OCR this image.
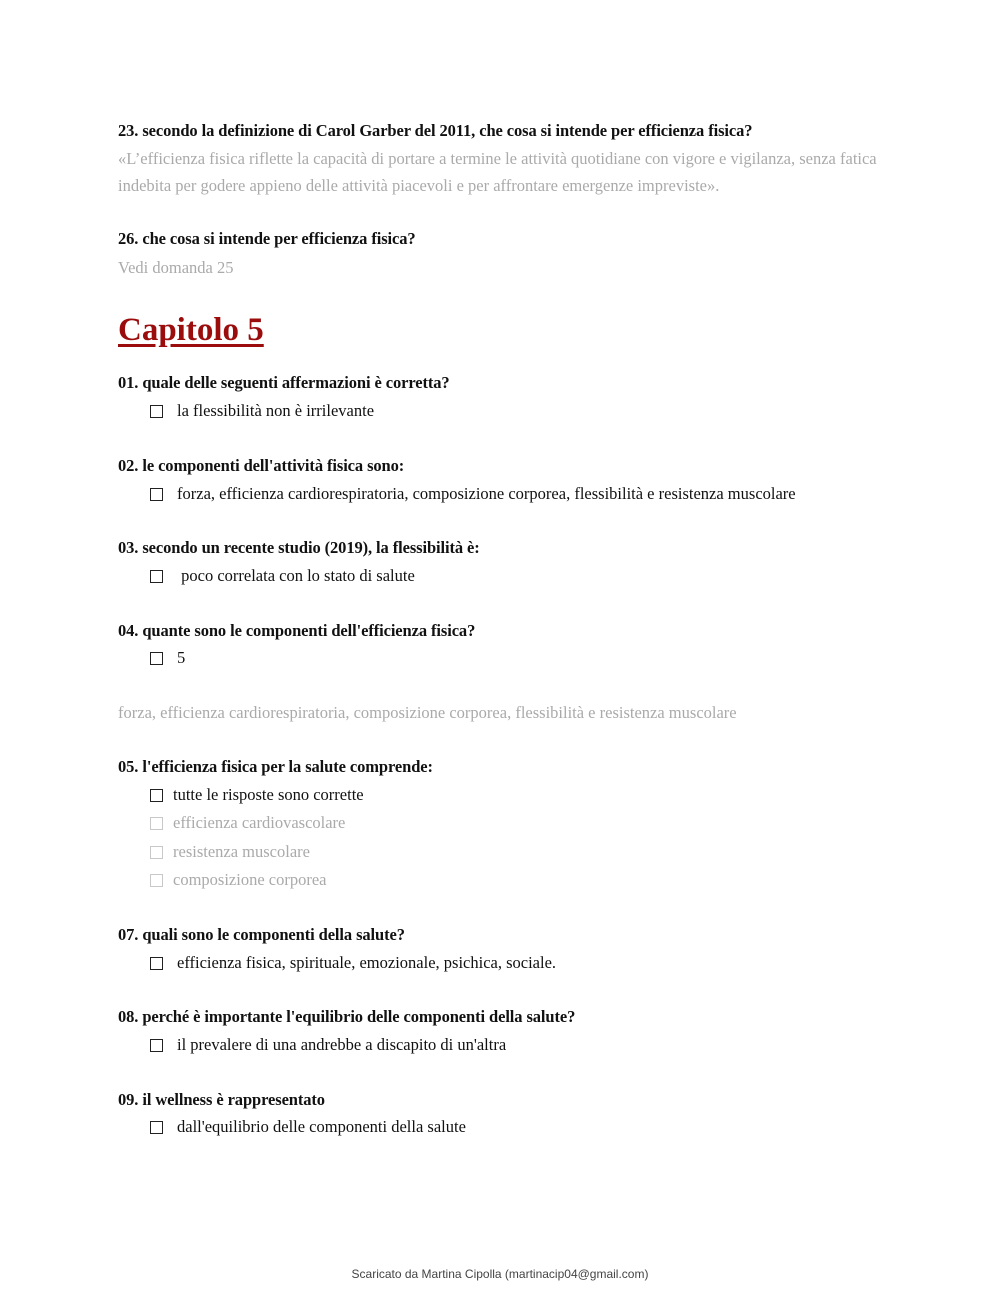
23. secondo la definizione di Carol Garber del 2011, che cosa si intende per efficienza fisica?
«L’efficienza fisica riflette la capacità di portare a termine le attività quotidiane con vigore e vigilanza, senza fatica indebita per godere appieno delle attività piacevoli e per affrontare emergenze impreviste».
26. che cosa si intende per efficienza fisica?
Vedi domanda 25
Capitolo 5
01. quale delle seguenti affermazioni è corretta?
la flessibilità non è irrilevante
02. le componenti dell'attività fisica sono:
forza, efficienza cardiorespiratoria, composizione corporea, flessibilità e resistenza muscolare
03. secondo un recente studio (2019), la flessibilità è:
poco correlata con lo stato di salute
04. quante sono le componenti dell'efficienza fisica?
5
forza, efficienza cardiorespiratoria, composizione corporea, flessibilità e resistenza muscolare
05. l'efficienza fisica per la salute comprende:
tutte le risposte sono corrette
efficienza cardiovascolare
resistenza muscolare
composizione corporea
07. quali sono le componenti della salute?
efficienza fisica, spirituale, emozionale, psichica, sociale.
08. perché è importante l'equilibrio delle componenti della salute?
il prevalere di una andrebbe a discapito di un'altra
09. il wellness è rappresentato
dall'equilibrio delle componenti della salute
Scaricato da Martina Cipolla (martinacip04@gmail.com)
